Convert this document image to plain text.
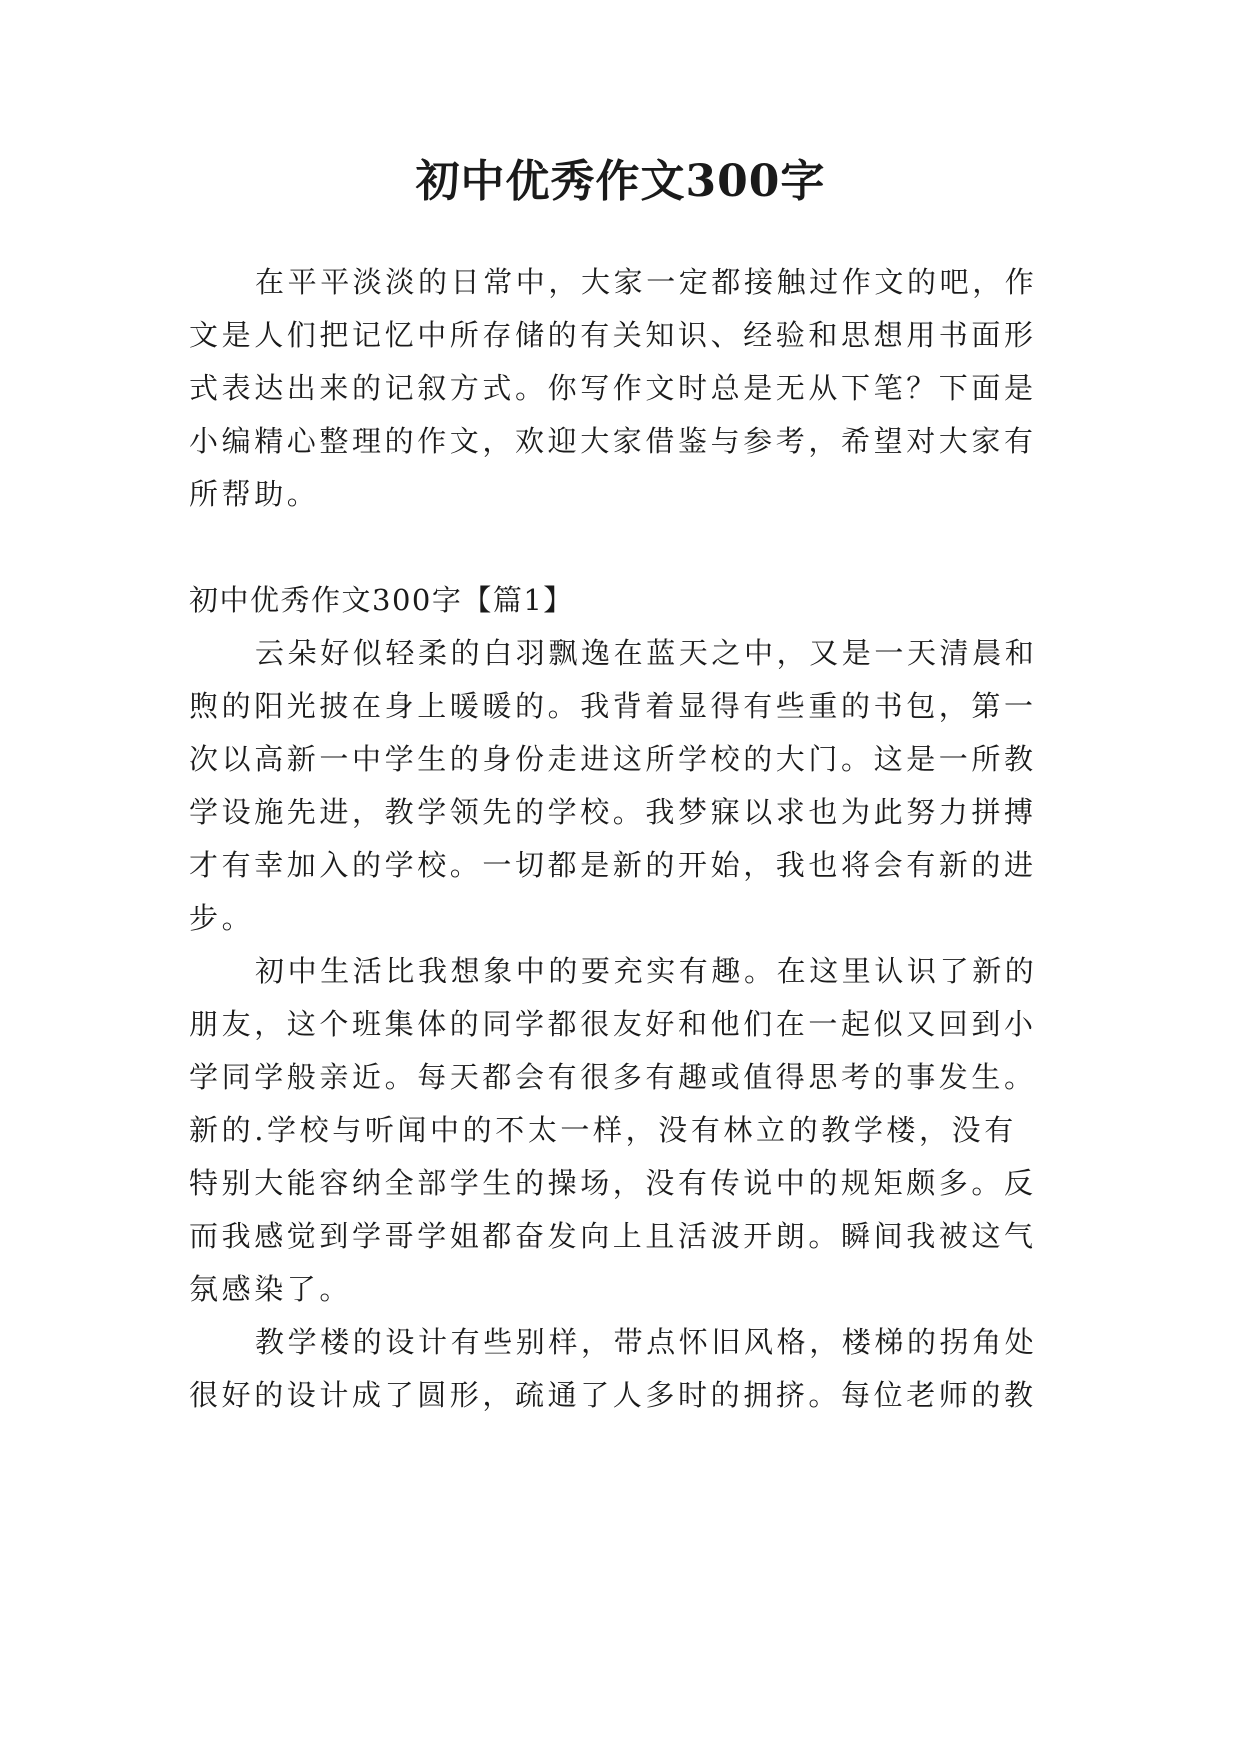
初中优秀作文300字
在平平淡淡的日常中，大家一定都接触过作文的吧，作
文是人们把记忆中所存储的有关知识、经验和思想用书面形
式表达出来的记叙方式。你写作文时总是无从下笔？下面是
小编精心整理的作文，欢迎大家借鉴与参考，希望对大家有
所帮助。
初中优秀作文300字【篇1】
云朵好似轻柔的白羽飘逸在蓝天之中，又是一天清晨和
煦的阳光披在身上暖暖的。我背着显得有些重的书包，第一
次以高新一中学生的身份走进这所学校的大门。这是一所教
学设施先进，教学领先的学校。我梦寐以求也为此努力拼搏
才有幸加入的学校。一切都是新的开始，我也将会有新的进
步。
初中生活比我想象中的要充实有趣。在这里认识了新的
朋友，这个班集体的同学都很友好和他们在一起似又回到小
学同学般亲近。每天都会有很多有趣或值得思考的事发生。
新的.学校与听闻中的不太一样，没有林立的教学楼，没有
特别大能容纳全部学生的操场，没有传说中的规矩颇多。反
而我感觉到学哥学姐都奋发向上且活波开朗。瞬间我被这气
氛感染了。
教学楼的设计有些别样，带点怀旧风格，楼梯的拐角处
很好的设计成了圆形，疏通了人多时的拥挤。每位老师的教
